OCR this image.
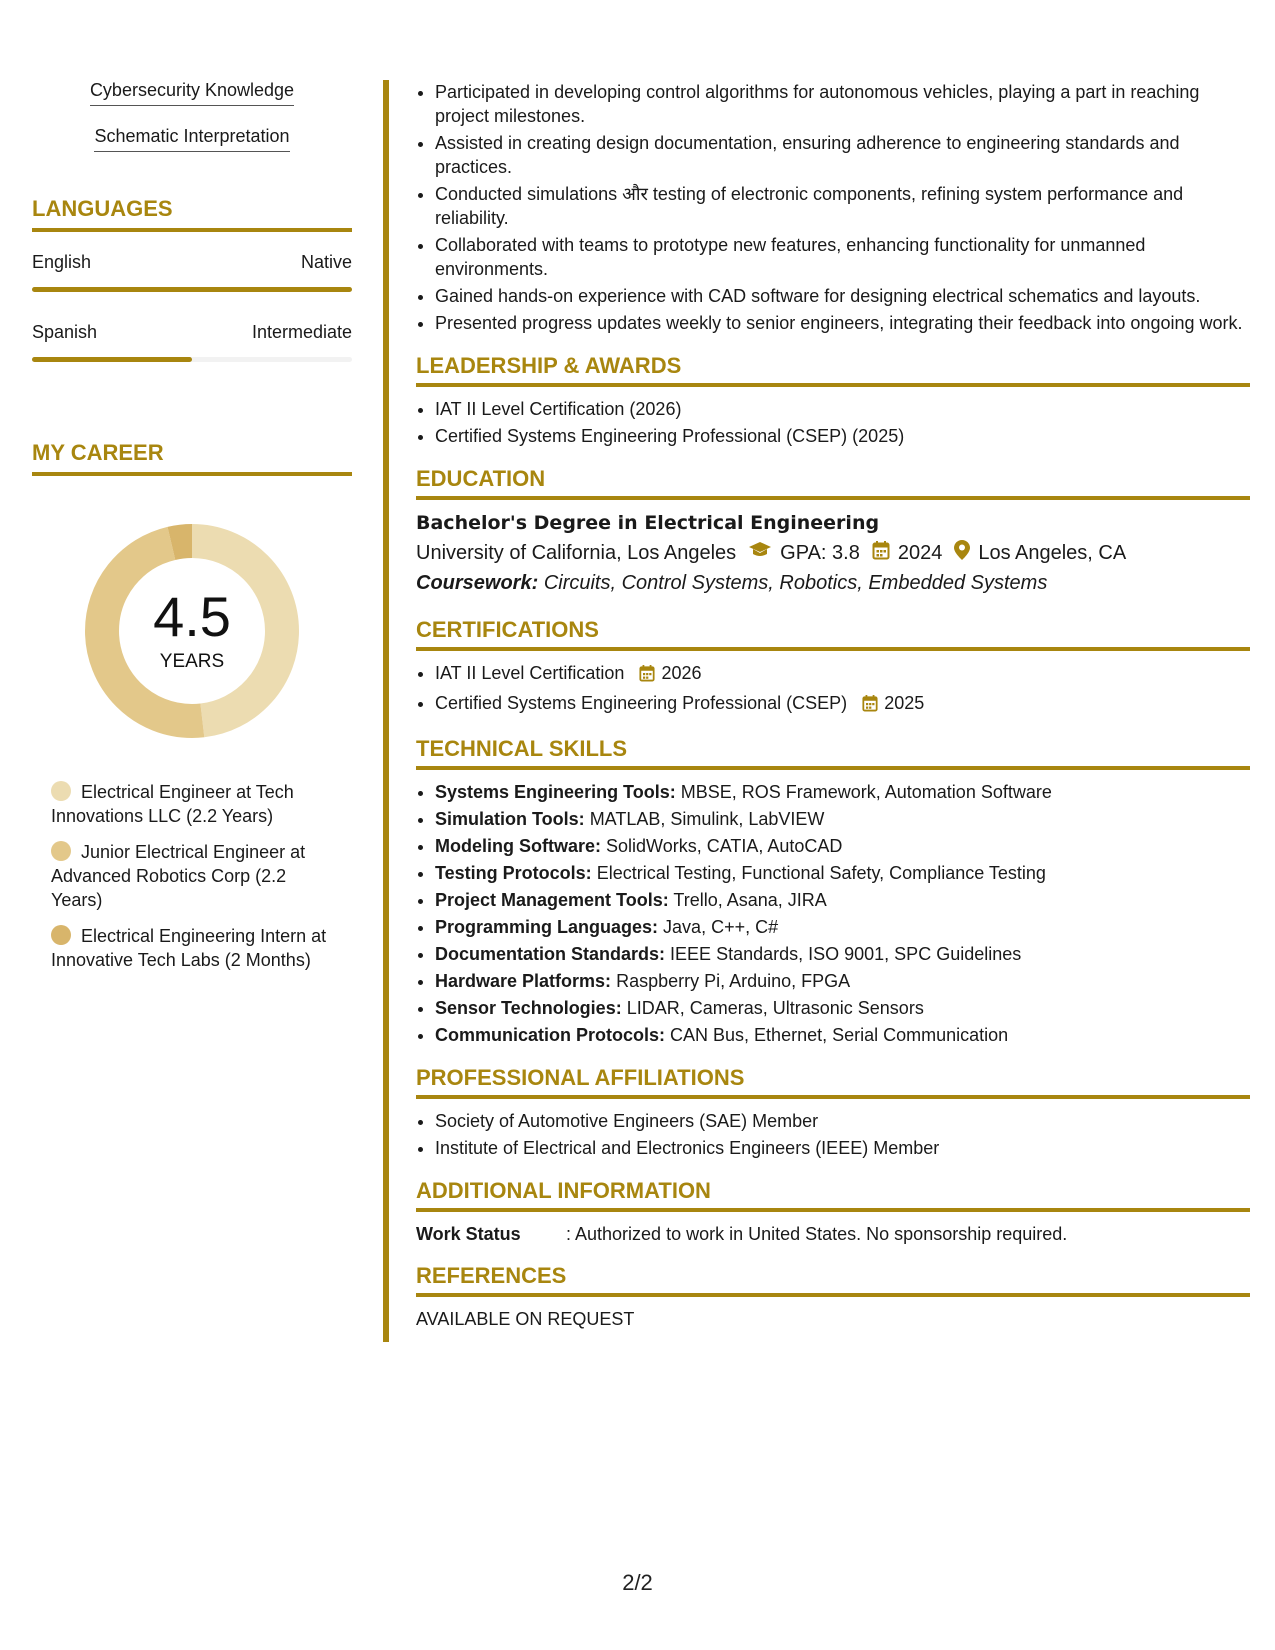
Cybersecurity Knowledge
Schematic Interpretation
LANGUAGES
English	Native
Spanish	Intermediate
MY CAREER
4.5
YEARS
Electrical Engineer at Tech Innovations LLC (2.2 Years)
Junior Electrical Engineer at Advanced Robotics Corp (2.2 Years)
Electrical Engineering Intern at Innovative Tech Labs (2 Months)
• Participated in developing control algorithms for autonomous vehicles, playing a part in reaching project milestones.
• Assisted in creating design documentation, ensuring adherence to engineering standards and practices.
• Conducted simulations और testing of electronic components, refining system performance and reliability.
• Collaborated with teams to prototype new features, enhancing functionality for unmanned environments.
• Gained hands-on experience with CAD software for designing electrical schematics and layouts.
• Presented progress updates weekly to senior engineers, integrating their feedback into ongoing work.
LEADERSHIP & AWARDS
• IAT II Level Certification (2026)
• Certified Systems Engineering Professional (CSEP) (2025)
EDUCATION
Bachelor's Degree in Electrical Engineering
University of California, Los Angeles GPA: 3.8 2024 Los Angeles, CA
Coursework: Circuits, Control Systems, Robotics, Embedded Systems
CERTIFICATIONS
• IAT II Level Certification 2026
• Certified Systems Engineering Professional (CSEP) 2025
TECHNICAL SKILLS
• Systems Engineering Tools: MBSE, ROS Framework, Automation Software
• Simulation Tools: MATLAB, Simulink, LabVIEW
• Modeling Software: SolidWorks, CATIA, AutoCAD
• Testing Protocols: Electrical Testing, Functional Safety, Compliance Testing
• Project Management Tools: Trello, Asana, JIRA
• Programming Languages: Java, C++, C#
• Documentation Standards: IEEE Standards, ISO 9001, SPC Guidelines
• Hardware Platforms: Raspberry Pi, Arduino, FPGA
• Sensor Technologies: LIDAR, Cameras, Ultrasonic Sensors
• Communication Protocols: CAN Bus, Ethernet, Serial Communication
PROFESSIONAL AFFILIATIONS
• Society of Automotive Engineers (SAE) Member
• Institute of Electrical and Electronics Engineers (IEEE) Member
ADDITIONAL INFORMATION
Work Status	: Authorized to work in United States. No sponsorship required.
REFERENCES
AVAILABLE ON REQUEST
2/2
